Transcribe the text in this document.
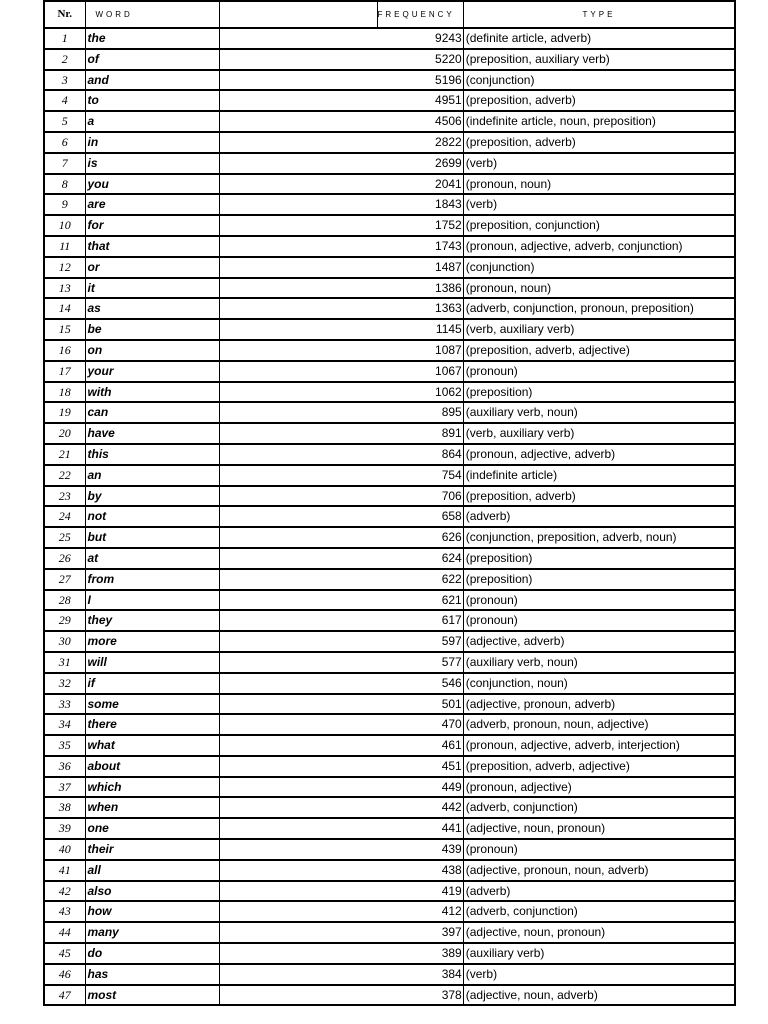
Nr.	WORD		FREQUENCY	TYPE
1	the		9243	(definite article, adverb)
2	of		5220	(preposition, auxiliary verb)
3	and		5196	(conjunction)
4	to		4951	(preposition, adverb)
5	a		4506	(indefinite article, noun, preposition)
6	in		2822	(preposition, adverb)
7	is		2699	(verb)
8	you		2041	(pronoun, noun)
9	are		1843	(verb)
10	for		1752	(preposition, conjunction)
11	that		1743	(pronoun, adjective, adverb, conjunction)
12	or		1487	(conjunction)
13	it		1386	(pronoun, noun)
14	as		1363	(adverb, conjunction, pronoun, preposition)
15	be		1145	(verb, auxiliary verb)
16	on		1087	(preposition, adverb, adjective)
17	your		1067	(pronoun)
18	with		1062	(preposition)
19	can		895	(auxiliary verb, noun)
20	have		891	(verb, auxiliary verb)
21	this		864	(pronoun, adjective, adverb)
22	an		754	(indefinite article)
23	by		706	(preposition, adverb)
24	not		658	(adverb)
25	but		626	(conjunction, preposition, adverb, noun)
26	at		624	(preposition)
27	from		622	(preposition)
28	I		621	(pronoun)
29	they		617	(pronoun)
30	more		597	(adjective, adverb)
31	will		577	(auxiliary verb, noun)
32	if		546	(conjunction, noun)
33	some		501	(adjective, pronoun, adverb)
34	there		470	(adverb, pronoun, noun, adjective)
35	what		461	(pronoun, adjective, adverb, interjection)
36	about		451	(preposition, adverb, adjective)
37	which		449	(pronoun, adjective)
38	when		442	(adverb, conjunction)
39	one		441	(adjective, noun, pronoun)
40	their		439	(pronoun)
41	all		438	(adjective, pronoun, noun, adverb)
42	also		419	(adverb)
43	how		412	(adverb, conjunction)
44	many		397	(adjective, noun, pronoun)
45	do		389	(auxiliary verb)
46	has		384	(verb)
47	most		378	(adjective, noun, adverb)
